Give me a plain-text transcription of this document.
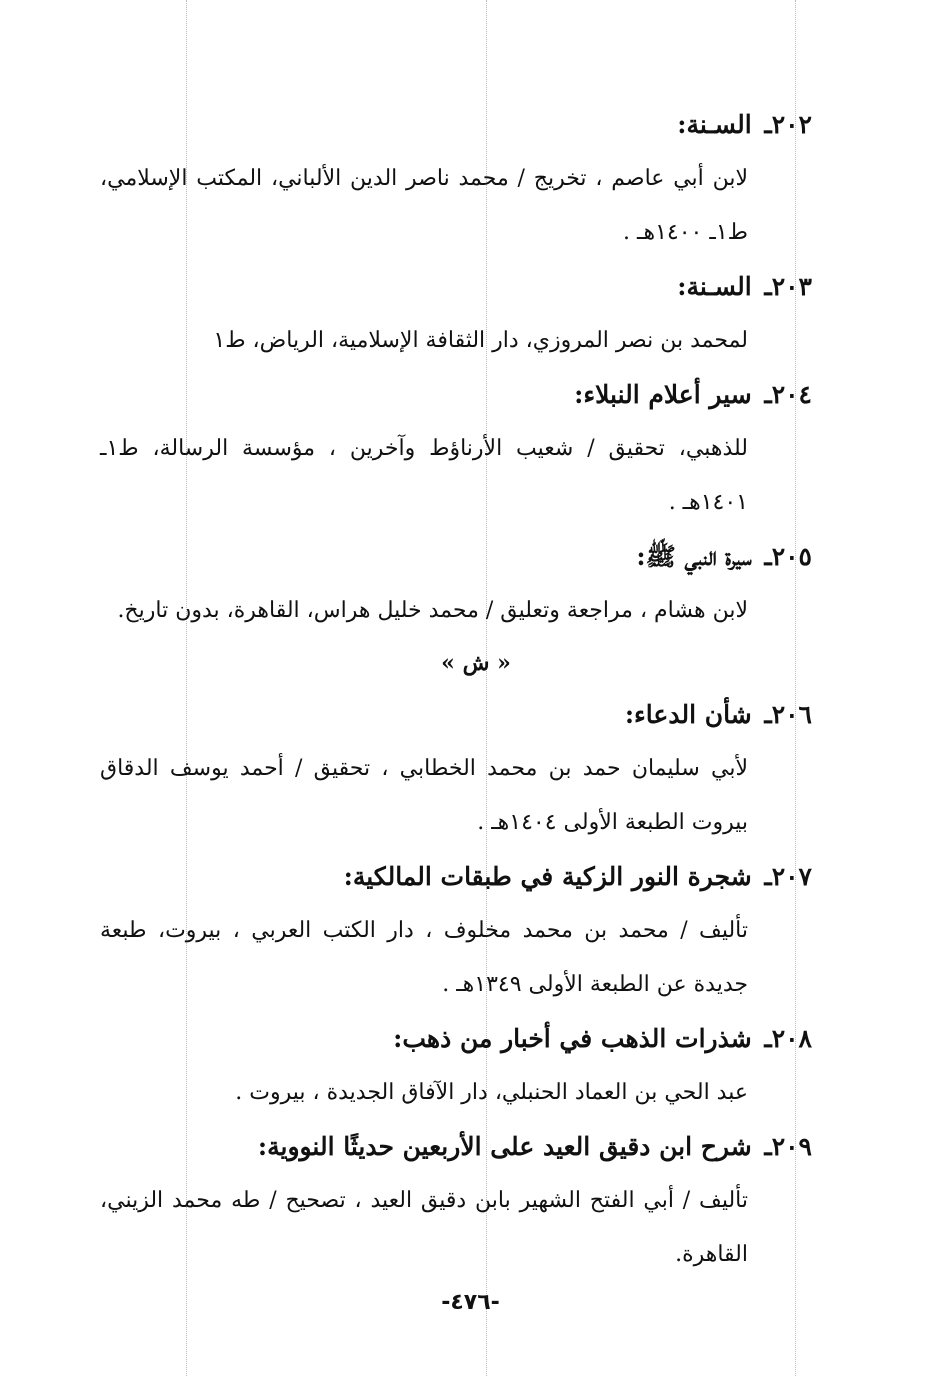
٢٠٢ـ السـنة:
لابن أبي عاصم ، تخريج / محمد ناصر الدين الألباني، المكتب الإسلامي،
ط١ـ ١٤٠٠هـ .
٢٠٣ـ السـنة:
لمحمد بن نصر المروزي، دار الثقافة الإسلامية، الرياض، ط١
٢٠٤ـ سير أعلام النبلاء:
للذهبي، تحقيق / شعيب الأرناؤط وآخرين ، مؤسسة الرسالة، ط١ـ
١٤٠١هـ .
٢٠٥ـ سيرة النبي ﷺ:
لابن هشام ، مراجعة وتعليق / محمد خليل هراس، القاهرة، بدون تاريخ.
« ش »
٢٠٦ـ شأن الدعاء:
لأبي سليمان حمد بن محمد الخطابي ، تحقيق / أحمد يوسف الدقاق
بيروت الطبعة الأولى ١٤٠٤هـ .
٢٠٧ـ شجرة النور الزكية في طبقات المالكية:
تأليف / محمد بن محمد مخلوف ، دار الكتب العربي ، بيروت، طبعة
جديدة عن الطبعة الأولى ١٣٤٩هـ .
٢٠٨ـ شذرات الذهب في أخبار من ذهب:
عبد الحي بن العماد الحنبلي، دار الآفاق الجديدة ، بيروت .
٢٠٩ـ شرح ابن دقيق العيد على الأربعين حديثًا النووية:
تأليف / أبي الفتح الشهير بابن دقيق العيد ، تصحيح / طه محمد الزيني،
القاهرة.
-٤٧٦-
